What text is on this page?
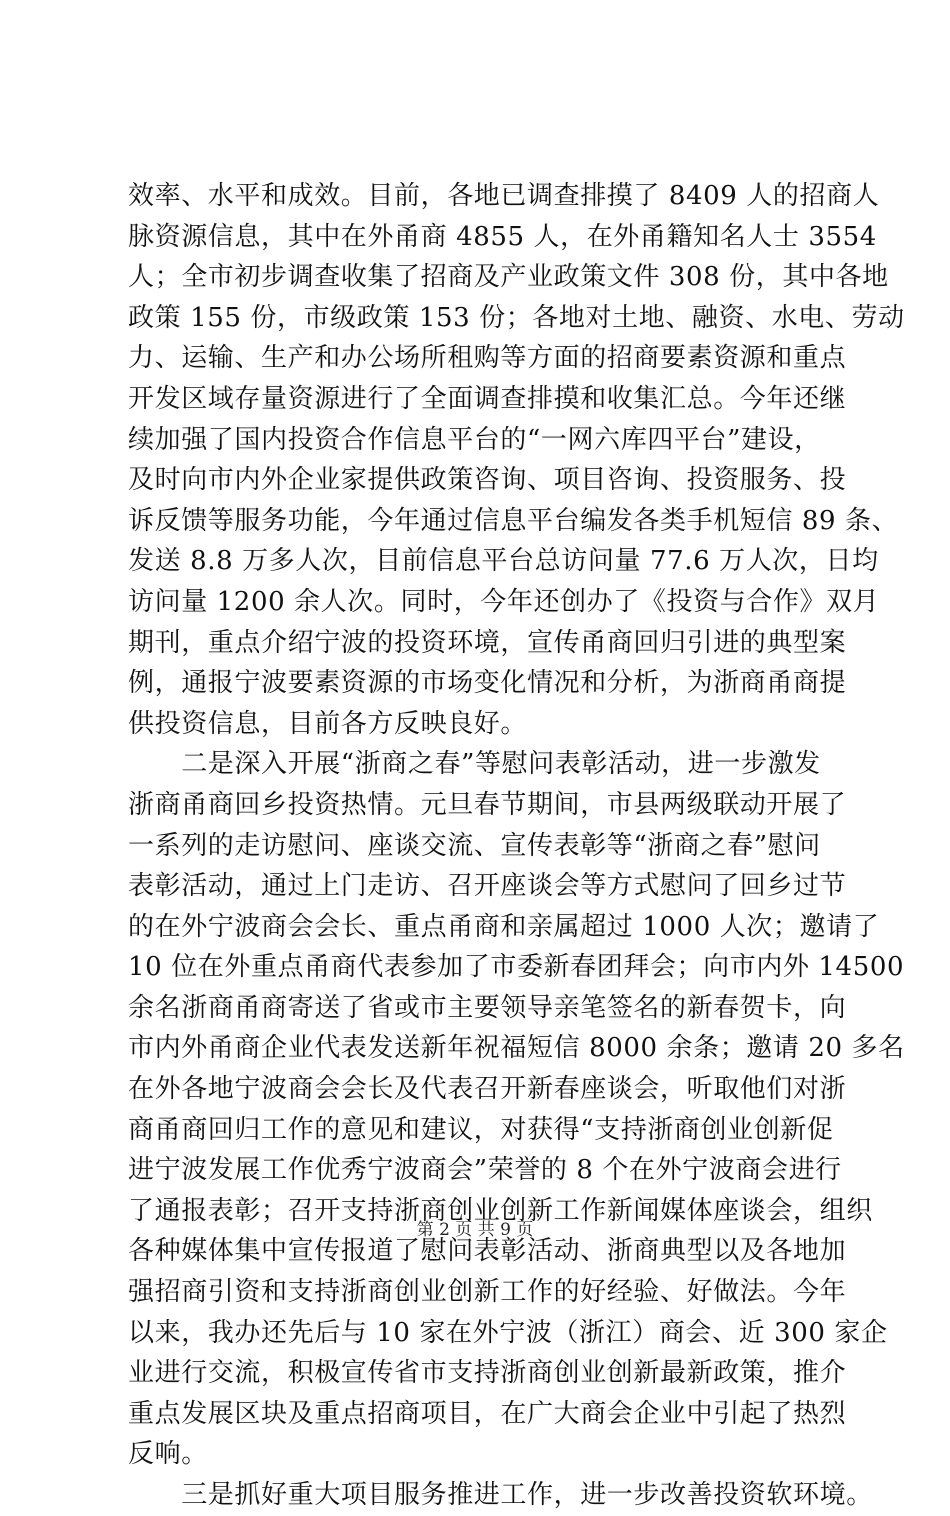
效率、水平和成效。目前，各地已调查排摸了 8409 人的招商人
脉资源信息，其中在外甬商 4855 人，在外甬籍知名人士 3554
人；全市初步调查收集了招商及产业政策文件 308 份，其中各地
政策 155 份，市级政策 153 份；各地对土地、融资、水电、劳动
力、运输、生产和办公场所租购等方面的招商要素资源和重点
开发区域存量资源进行了全面调查排摸和收集汇总。今年还继
续加强了国内投资合作信息平台的“一网六库四平台”建设，
及时向市内外企业家提供政策咨询、项目咨询、投资服务、投
诉反馈等服务功能，今年通过信息平台编发各类手机短信 89 条、
发送 8.8 万多人次，目前信息平台总访问量 77.6 万人次，日均
访问量 1200 余人次。同时，今年还创办了《投资与合作》双月
期刊，重点介绍宁波的投资环境，宣传甬商回归引进的典型案
例，通报宁波要素资源的市场变化情况和分析，为浙商甬商提
供投资信息，目前各方反映良好。
　　二是深入开展“浙商之春”等慰问表彰活动，进一步激发
浙商甬商回乡投资热情。元旦春节期间，市县两级联动开展了
一系列的走访慰问、座谈交流、宣传表彰等“浙商之春”慰问
表彰活动，通过上门走访、召开座谈会等方式慰问了回乡过节
的在外宁波商会会长、重点甬商和亲属超过 1000 人次；邀请了
10 位在外重点甬商代表参加了市委新春团拜会；向市内外 14500
余名浙商甬商寄送了省或市主要领导亲笔签名的新春贺卡，向
市内外甬商企业代表发送新年祝福短信 8000 余条；邀请 20 多名
在外各地宁波商会会长及代表召开新春座谈会，听取他们对浙
商甬商回归工作的意见和建议，对获得“支持浙商创业创新促
进宁波发展工作优秀宁波商会”荣誉的 8 个在外宁波商会进行
了通报表彰；召开支持浙商创业创新工作新闻媒体座谈会，组织
各种媒体集中宣传报道了慰问表彰活动、浙商典型以及各地加
强招商引资和支持浙商创业创新工作的好经验、好做法。今年
以来，我办还先后与 10 家在外宁波（浙江）商会、近 300 家企
业进行交流，积极宣传省市支持浙商创业创新最新政策，推介
重点发展区块及重点招商项目，在广大商会企业中引起了热烈
反响。
　　三是抓好重大项目服务推进工作，进一步改善投资软环境。
第 2 页 共 9 页
